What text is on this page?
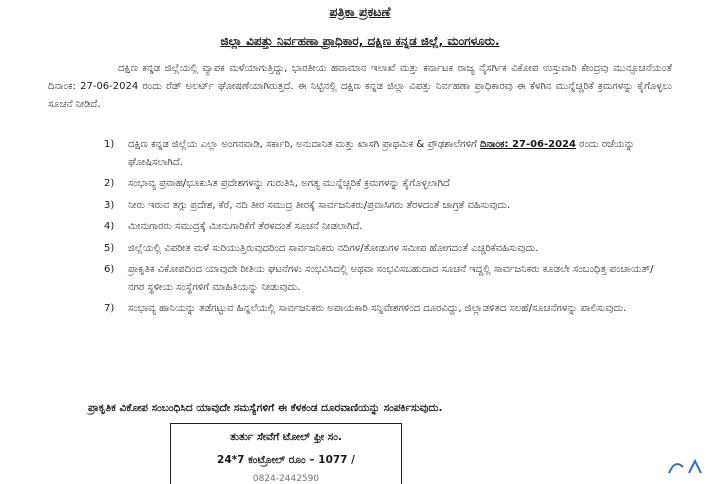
ಪತ್ರಿಕಾ ಪ್ರಕಟಣೆ
ಜಿಲ್ಲಾ ವಿಪತ್ತು ನಿರ್ವಹಣಾ ಪ್ರಾಧಿಕಾರ, ದಕ್ಷಿಣ ಕನ್ನಡ ಜಿಲ್ಲೆ, ಮಂಗಳೂರು.

ದಕ್ಷಿಣ ಕನ್ನಡ ಜಿಲ್ಲೆಯಲ್ಲಿ ವ್ಯಾಪಕ ಮಳೆಯಾಗುತ್ತಿದ್ದು, ಭಾರತೀಯ ಹವಾಮಾನ ಇಲಾಖೆ ಮತ್ತು ಕರ್ನಾಟಕ ರಾಜ್ಯ ನೈಸರ್ಗಿಕ ವಿಕೋಪ ಉಸ್ತುವಾರಿ ಕೇಂದ್ರವು ಮುನ್ಸೂಚನೆಯಂತೆ ದಿನಾಂಕ: 27-06-2024 ರಂದು ರೆಡ್ ಅಲರ್ಟ್ ಘೋಷಣೆಯಾಗಿರುತ್ತದೆ. ಈ ನಿಟ್ಟಿನಲ್ಲಿ ದಕ್ಷಿಣ ಕನ್ನಡ ಜಿಲ್ಲಾ ವಿಪತ್ತು ನಿರ್ವಹಣಾ ಪ್ರಾಧಿಕಾರವು ಈ ಕೆಳಗಿನ ಮುನ್ನೆಚ್ಚರಿಕೆ ಕ್ರಮಗಳನ್ನು ಕೈಗೊಳ್ಳಲು ಸೂಚನೆ ನೀಡಿದೆ.

1) ದಕ್ಷಿಣ ಕನ್ನಡ ಜಿಲ್ಲೆಯ ಎಲ್ಲಾ ಅಂಗನವಾಡಿ, ಸರ್ಕಾರಿ, ಅನುದಾನಿತ ಮತ್ತು ಖಾಸಗಿ ಪ್ರಾಥಮಿಕ & ಪ್ರೌಢಶಾಲೆಗಳಿಗೆ ದಿನಾಂಕ: 27-06-2024 ರಂದು ರಜೆಯನ್ನು ಘೋಷಿಸಲಾಗಿದೆ.
2) ಸಂಭಾವ್ಯ ಪ್ರವಾಹ/ಭೂಕುಸಿತ ಪ್ರದೇಶಗಳನ್ನು ಗುರುತಿಸಿ, ಅಗತ್ಯ ಮುನ್ನೆಚ್ಚರಿಕೆ ಕ್ರಮಗಳನ್ನು ಕೈಗೊಳ್ಳಲಾಗಿದೆ
3) ನೀರು ಇರುವ ತಗ್ಗು ಪ್ರದೇಶ, ಕೆರೆ, ನದಿ ತೀರ ಸಮುದ್ರ ತೀರಕ್ಕೆ ಸಾರ್ವಜನಿಕರು/ಪ್ರವಾಸಿಗರು ತೆರಳದಂತೆ ಜಾಗ್ರತೆ ವಹಿಸುವುದು.
4) ಮೀನುಗಾರರು ಸಮುದ್ರಕ್ಕೆ ಮೀನುಗಾರಿಕೆಗೆ ತೆರಳದಂತೆ ಸೂಚನೆ ನೀಡಲಾಗಿದೆ.
5) ಜಿಲ್ಲೆಯಲ್ಲಿ ವಿಪರೀತ ಮಳೆ ಸುರಿಯುತ್ತಿರುವುದರಿಂದ ಸಾರ್ವಜನಿಕರು ನದಿಗಳ/ತೋಡುಗಳ ಸಮೀಪ ಹೋಗದಂತೆ ಎಚ್ಚರಿಕೆವಹಿಸುವುದು.
6) ಪ್ರಾಕೃತಿಕ ವಿಕೋಪದಿಂದ ಯಾವುದೇ ರೀತಿಯ ಘಟನೆಗಳು ಸಂಭವಿಸಿದಲ್ಲಿ ಅಥವಾ ಸಂಭವಿಸಬಹುದಾದ ಸೂಚನೆ ಇದ್ದಲ್ಲಿ ಸಾರ್ವಜನಿಕರು ಕೂಡಲೇ ಸಂಬಂಧಿತ್ತ ಪಂಚಾಯತ್/ನಗರ ಸ್ಥಳೀಯ ಸಂಸ್ಥೆಗಳಿಗೆ ಮಾಹಿತಿಯನ್ನು ನೀಡುವುದು.
7) ಸಂಭಾವ್ಯ ಹಾನಿಯನ್ನು ತಡೆಗಟ್ಟುವ ಹಿನ್ನಲೆಯಲ್ಲಿ ಸಾರ್ವಜನಿಕರು ಅಪಾಯಕಾರಿ ಸನ್ನಿವೇಶಗಳಿಂದ ದೂರವಿದ್ದು, ಜಿಲ್ಲಾಡಳಿತದ ಸಲಹೆ/ಸೂಚನೆಗಳನ್ನು ಪಾಲಿಸುವುದು.
ಪ್ರಾಕೃತಿಕ ವಿಕೋಪ ಸಂಬಂಧಿಸಿದ ಯಾವುದೇ ಸಮಸ್ಯೆಗಳಿಗೆ ಈ ಕೆಳಕಂಡ ದೂರವಾಣಿಯನ್ನು ಸಂಪರ್ಕಿಸುವುದು.
ತುರ್ತು ಸೇವೆಗೆ ಟೋಲ್ ಫ್ರೀ ಸಂ.
24*7 ಕಂಟ್ರೋಲ್ ರೂಂ – 1077 /
0824-2442590
